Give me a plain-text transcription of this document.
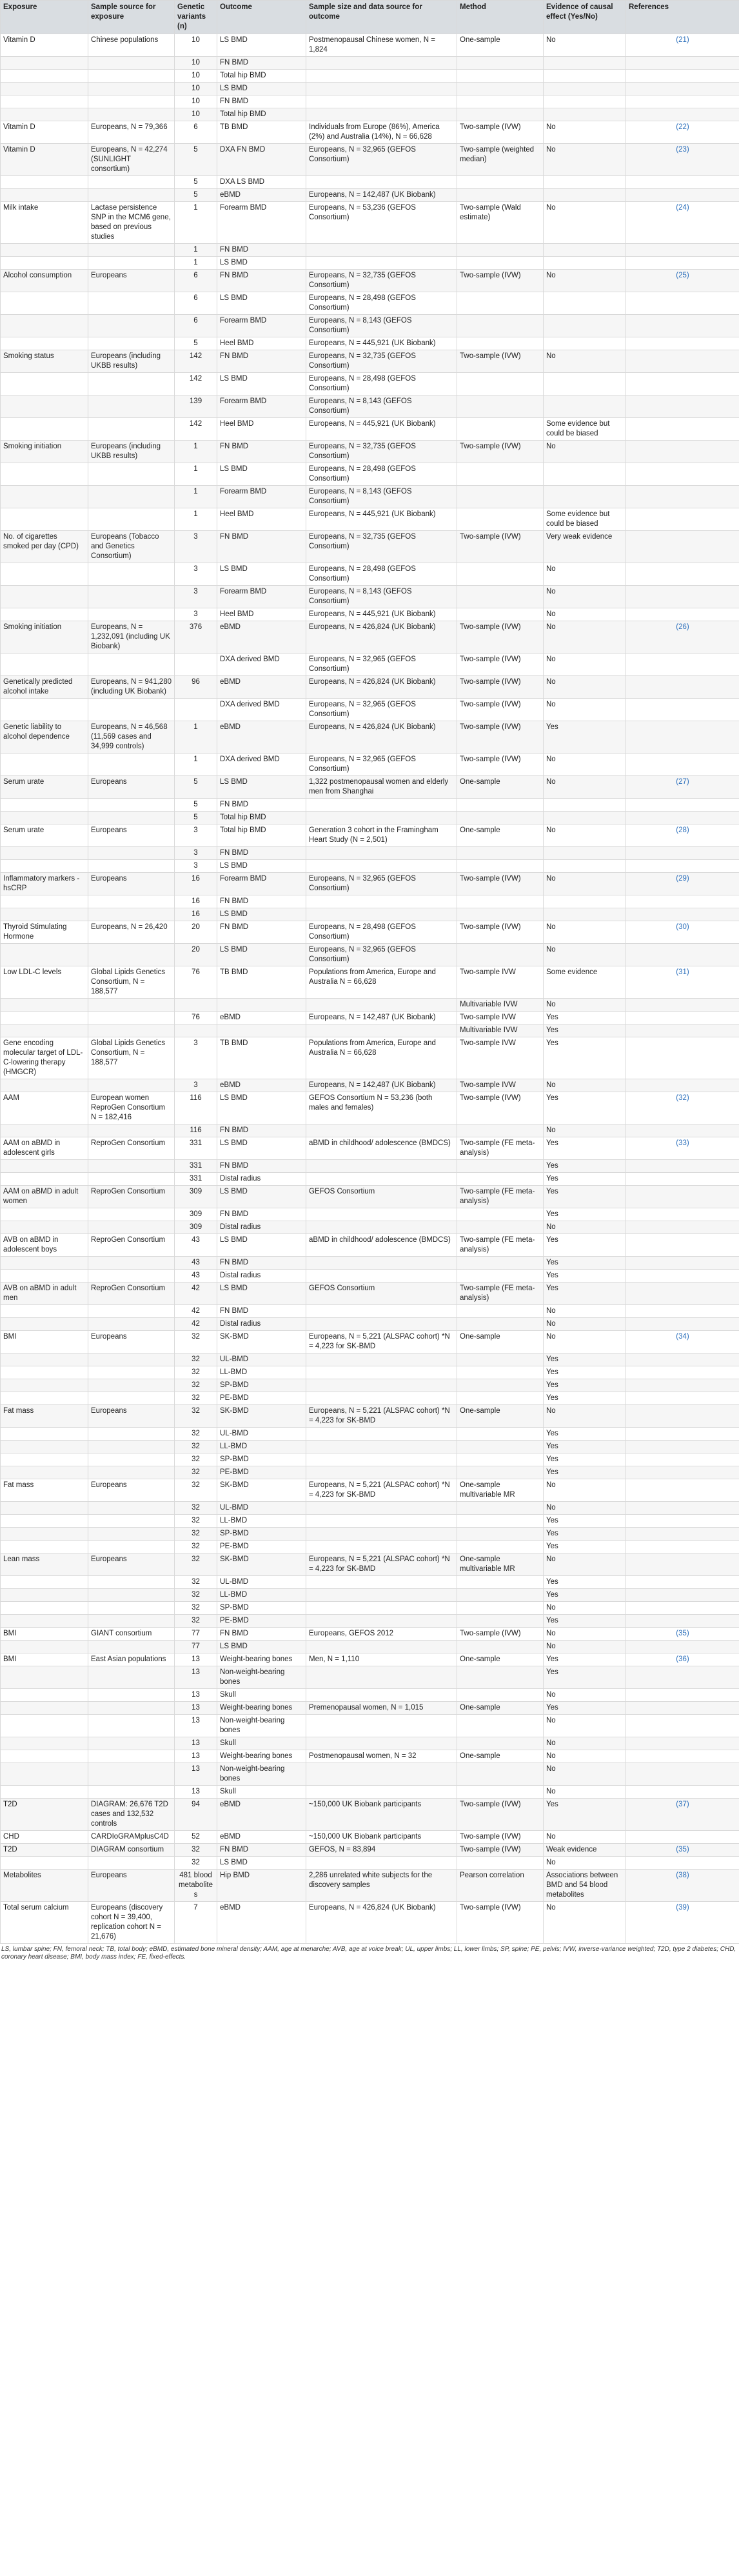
Exposure	Sample source for exposure	Genetic variants (n)	Outcome	Sample size and data source for outcome	Method	Evidence of causal effect (Yes/No)	References
Vitamin D	Chinese populations	10	LS BMD	Postmenopausal Chinese women, N = 1,824	One-sample	No	(21)
		10	FN BMD				
		10	Total hip BMD				
		10	LS BMD				
		10	FN BMD				
		10	Total hip BMD				
Vitamin D	Europeans, N = 79,366	6	TB BMD	Individuals from Europe (86%), America (2%) and Australia (14%), N = 66,628	Two-sample (IVW)	No	(22)
Vitamin D	Europeans, N = 42,274 (SUNLIGHT consortium)	5	DXA FN BMD	Europeans, N = 32,965 (GEFOS Consortium)	Two-sample (weighted median)	No	(23)
		5	DXA LS BMD				
		5	eBMD	Europeans, N = 142,487 (UK Biobank)			
Milk intake	Lactase persistence SNP in the MCM6 gene, based on previous studies	1	Forearm BMD	Europeans, N = 53,236 (GEFOS Consortium)	Two-sample (Wald estimate)	No	(24)
		1	FN BMD				
		1	LS BMD				
Alcohol consumption	Europeans	6	FN BMD	Europeans, N = 32,735 (GEFOS Consortium)	Two-sample (IVW)	No	(25)
		6	LS BMD	Europeans, N = 28,498 (GEFOS Consortium)			
		6	Forearm BMD	Europeans, N = 8,143 (GEFOS Consortium)			
		5	Heel BMD	Europeans, N = 445,921 (UK Biobank)			
Smoking status	Europeans (including UKBB results)	142	FN BMD	Europeans, N = 32,735 (GEFOS Consortium)	Two-sample (IVW)	No	
		142	LS BMD	Europeans, N = 28,498 (GEFOS Consortium)			
		139	Forearm BMD	Europeans, N = 8,143 (GEFOS Consortium)			
		142	Heel BMD	Europeans, N = 445,921 (UK Biobank)		Some evidence but could be biased	
Smoking initiation	Europeans (including UKBB results)	1	FN BMD	Europeans, N = 32,735 (GEFOS Consortium)	Two-sample (IVW)	No	
		1	LS BMD	Europeans, N = 28,498 (GEFOS Consortium)			
		1	Forearm BMD	Europeans, N = 8,143 (GEFOS Consortium)			
		1	Heel BMD	Europeans, N = 445,921 (UK Biobank)		Some evidence but could be biased	
No. of cigarettes smoked per day (CPD)	Europeans (Tobacco and Genetics Consortium)	3	FN BMD	Europeans, N = 32,735 (GEFOS Consortium)	Two-sample (IVW)	Very weak evidence	
		3	LS BMD	Europeans, N = 28,498 (GEFOS Consortium)		No	
		3	Forearm BMD	Europeans, N = 8,143 (GEFOS Consortium)		No	
		3	Heel BMD	Europeans, N = 445,921 (UK Biobank)		No	
Smoking initiation	Europeans, N = 1,232,091 (including UK Biobank)	376	eBMD	Europeans, N = 426,824 (UK Biobank)	Two-sample (IVW)	No	(26)
			DXA derived BMD	Europeans, N = 32,965 (GEFOS Consortium)	Two-sample (IVW)	No	
Genetically predicted alcohol intake	Europeans, N = 941,280 (including UK Biobank)	96	eBMD	Europeans, N = 426,824 (UK Biobank)	Two-sample (IVW)	No	
			DXA derived BMD	Europeans, N = 32,965 (GEFOS Consortium)	Two-sample (IVW)	No	
Genetic liability to alcohol dependence	Europeans, N = 46,568 (11,569 cases and 34,999 controls)	1	eBMD	Europeans, N = 426,824 (UK Biobank)	Two-sample (IVW)	Yes	
		1	DXA derived BMD	Europeans, N = 32,965 (GEFOS Consortium)	Two-sample (IVW)	No	
Serum urate	Europeans	5	LS BMD	1,322 postmenopausal women and elderly men from Shanghai	One-sample	No	(27)
		5	FN BMD				
		5	Total hip BMD				
Serum urate	Europeans	3	Total hip BMD	Generation 3 cohort in the Framingham Heart Study (N = 2,501)	One-sample	No	(28)
		3	FN BMD				
		3	LS BMD				
Inflammatory markers - hsCRP	Europeans	16	Forearm BMD	Europeans, N = 32,965 (GEFOS Consortium)	Two-sample (IVW)	No	(29)
		16	FN BMD				
		16	LS BMD				
Thyroid Stimulating Hormone	Europeans, N = 26,420	20	FN BMD	Europeans, N = 28,498 (GEFOS Consortium)	Two-sample (IVW)	No	(30)
		20	LS BMD	Europeans, N = 32,965 (GEFOS Consortium)		No	
Low LDL-C levels	Global Lipids Genetics Consortium, N = 188,577	76	TB BMD	Populations from America, Europe and Australia N = 66,628	Two-sample IVW	Some evidence	(31)
					Multivariable IVW	No	
		76	eBMD	Europeans, N = 142,487 (UK Biobank)	Two-sample IVW	Yes	
					Multivariable IVW	Yes	
Gene encoding molecular target of LDL-C-lowering therapy (HMGCR)	Global Lipids Genetics Consortium, N = 188,577	3	TB BMD	Populations from America, Europe and Australia N = 66,628	Two-sample IVW	Yes	
		3	eBMD	Europeans, N = 142,487 (UK Biobank)	Two-sample IVW	No	
AAM	European women ReproGen Consortium N = 182,416	116	LS BMD	GEFOS Consortium N = 53,236 (both males and females)	Two-sample (IVW)	Yes	(32)
		116	FN BMD			No	
AAM on aBMD in adolescent girls	ReproGen Consortium	331	LS BMD	aBMD in childhood/ adolescence (BMDCS)	Two-sample (FE meta-analysis)	Yes	(33)
		331	FN BMD			Yes	
		331	Distal radius			Yes	
AAM on aBMD in adult women	ReproGen Consortium	309	LS BMD	GEFOS Consortium	Two-sample (FE meta-analysis)	Yes	
		309	FN BMD			Yes	
		309	Distal radius			No	
AVB on aBMD in adolescent boys	ReproGen Consortium	43	LS BMD	aBMD in childhood/ adolescence (BMDCS)	Two-sample (FE meta-analysis)	Yes	
		43	FN BMD			Yes	
		43	Distal radius			Yes	
AVB on aBMD in adult men	ReproGen Consortium	42	LS BMD	GEFOS Consortium	Two-sample (FE meta-analysis)	Yes	
		42	FN BMD			No	
		42	Distal radius			No	
BMI	Europeans	32	SK-BMD	Europeans, N = 5,221 (ALSPAC cohort) *N = 4,223 for SK-BMD	One-sample	No	(34)
		32	UL-BMD			Yes	
		32	LL-BMD			Yes	
		32	SP-BMD			Yes	
		32	PE-BMD			Yes	
Fat mass	Europeans	32	SK-BMD	Europeans, N = 5,221 (ALSPAC cohort) *N = 4,223 for SK-BMD	One-sample	No	
		32	UL-BMD			Yes	
		32	LL-BMD			Yes	
		32	SP-BMD			Yes	
		32	PE-BMD			Yes	
Fat mass	Europeans	32	SK-BMD	Europeans, N = 5,221 (ALSPAC cohort) *N = 4,223 for SK-BMD	One-sample multivariable MR	No	
		32	UL-BMD			No	
		32	LL-BMD			Yes	
		32	SP-BMD			Yes	
		32	PE-BMD			Yes	
Lean mass	Europeans	32	SK-BMD	Europeans, N = 5,221 (ALSPAC cohort) *N = 4,223 for SK-BMD	One-sample multivariable MR	No	
		32	UL-BMD			Yes	
		32	LL-BMD			Yes	
		32	SP-BMD			No	
		32	PE-BMD			Yes	
BMI	GIANT consortium	77	FN BMD	Europeans, GEFOS 2012	Two-sample (IVW)	No	(35)
		77	LS BMD			No	
BMI	East Asian populations	13	Weight-bearing bones	Men, N = 1,110	One-sample	Yes	(36)
		13	Non-weight-bearing bones			Yes	
		13	Skull			No	
		13	Weight-bearing bones	Premenopausal women, N = 1,015	One-sample	Yes	
		13	Non-weight-bearing bones			No	
		13	Skull			No	
		13	Weight-bearing bones	Postmenopausal women, N = 32	One-sample	No	
		13	Non-weight-bearing bones			No	
		13	Skull			No	
T2D	DIAGRAM: 26,676 T2D cases and 132,532 controls	94	eBMD	~150,000 UK Biobank participants	Two-sample (IVW)	Yes	(37)
CHD	CARDIoGRAMplusC4D	52	eBMD	~150,000 UK Biobank participants	Two-sample (IVW)	No	
T2D	DIAGRAM consortium	32	FN BMD	GEFOS, N = 83,894	Two-sample (IVW)	Weak evidence	(35)
		32	LS BMD			No	
Metabolites	Europeans	481 blood metabolites	Hip BMD	2,286 unrelated white subjects for the discovery samples	Pearson correlation	Associations between BMD and 54 blood metabolites	(38)
Total serum calcium	Europeans (discovery cohort N = 39,400, replication cohort N = 21,676)	7	eBMD	Europeans, N = 426,824 (UK Biobank)	Two-sample (IVW)	No	(39)
LS, lumbar spine; FN, femoral neck; TB, total body; eBMD, estimated bone mineral density; AAM, age at menarche; AVB, age at voice break; UL, upper limbs; LL, lower limbs; SP, spine; PE, pelvis; IVW, inverse-variance weighted; T2D, type 2 diabetes; CHD, coronary heart disease; BMI, body mass index; FE, fixed-effects.
